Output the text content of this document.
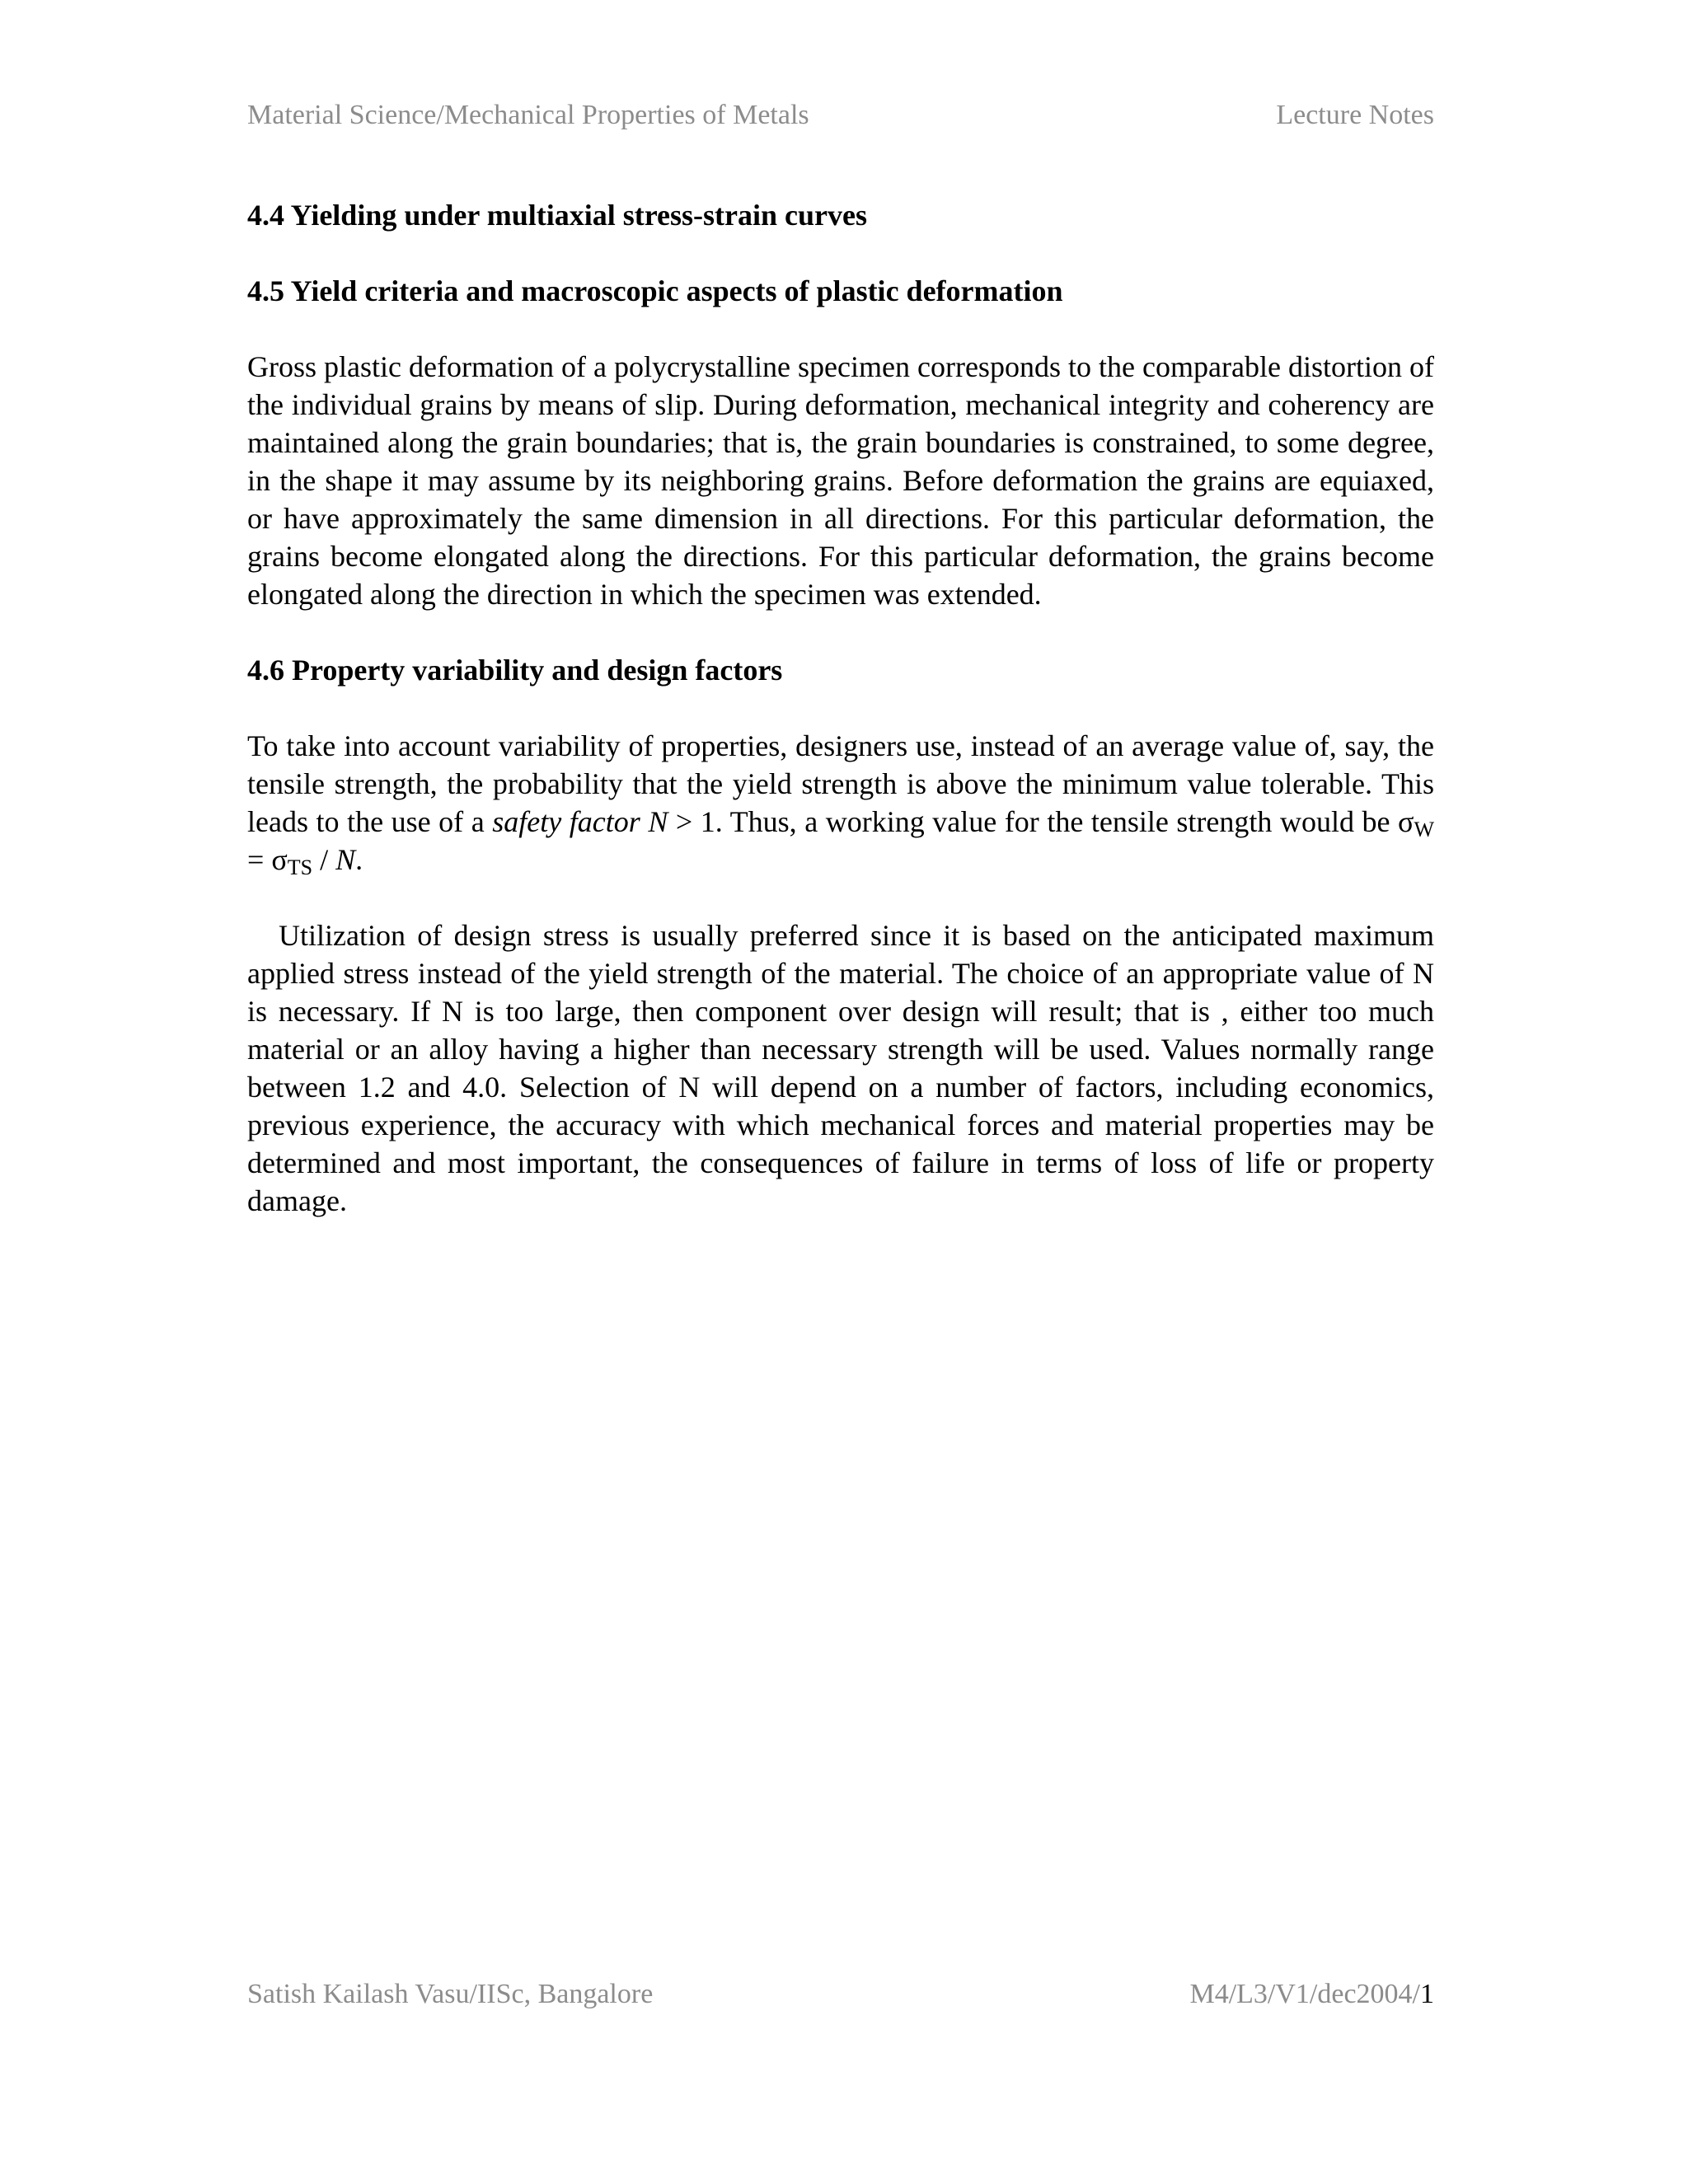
Material Science/Mechanical Properties of Metals	Lecture Notes
4.4 Yielding under multiaxial stress-strain curves
4.5 Yield criteria and macroscopic aspects of plastic deformation

Gross plastic deformation of a polycrystalline specimen corresponds to the comparable distortion of the individual grains by means of slip. During deformation, mechanical integrity and coherency are maintained along the grain boundaries; that is, the grain boundaries is constrained, to some degree, in the shape it may assume by its neighboring grains. Before deformation the grains are equiaxed, or have approximately the same dimension in all directions. For this particular deformation, the grains become elongated along the directions. For this particular deformation, the grains become elongated along the direction in which the specimen was extended.

4.6 Property variability and design factors

To take into account variability of properties, designers use, instead of an average value of, say, the tensile strength, the probability that the yield strength is above the minimum value tolerable. This leads to the use of a safety factor N > 1. Thus, a working value for the tensile strength would be $\sigma_W = \sigma_{TS} / N$.

Utilization of design stress is usually preferred since it is based on the anticipated maximum applied stress instead of the yield strength of the material. The choice of an appropriate value of N is necessary. If N is too large, then component over design will result; that is , either too much material or an alloy having a higher than necessary strength will be used. Values normally range between 1.2 and 4.0. Selection of N will depend on a number of factors, including economics, previous experience, the accuracy with which mechanical forces and material properties may be determined and most important, the consequences of failure in terms of loss of life or property damage.

Satish Kailash Vasu/IISc, Bangalore	M4/L3/V1/dec2004/1
